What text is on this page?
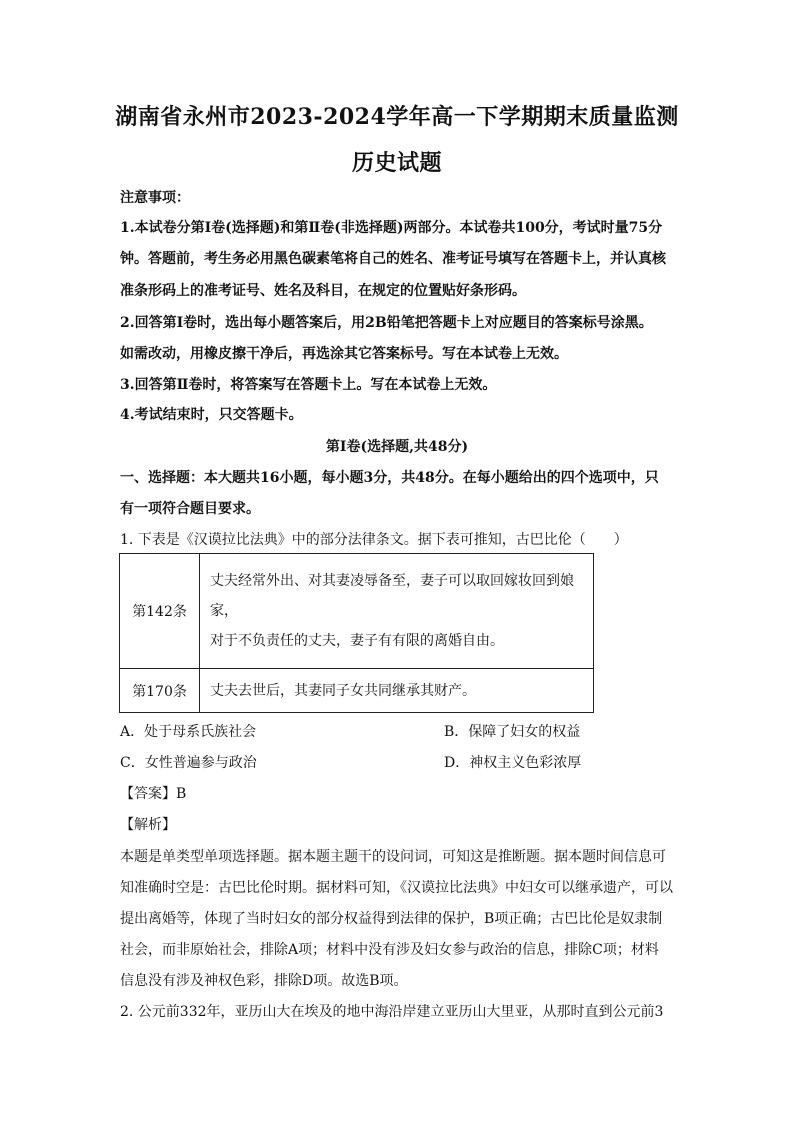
湖南省永州市2023-2024学年高一下学期期末质量监测
历史试题
注意事项：
1.本试卷分第Ⅰ卷(选择题)和第Ⅱ卷(非选择题)两部分。本试卷共100分，考试时量75分
钟。答题前，考生务必用黑色碳素笔将自己的姓名、准考证号填写在答题卡上，并认真核
准条形码上的准考证号、姓名及科目，在规定的位置贴好条形码。
2.回答第Ⅰ卷时，选出每小题答案后，用2B铅笔把答题卡上对应题目的答案标号涂黑。
如需改动，用橡皮擦干净后，再选涂其它答案标号。写在本试卷上无效。
3.回答第Ⅱ卷时，将答案写在答题卡上。写在本试卷上无效。
4.考试结束时，只交答题卡。
第Ⅰ卷(选择题,共48分)
一、选择题：本大题共16小题，每小题3分，共48分。在每小题给出的四个选项中，只
有一项符合题目要求。
1. 下表是《汉谟拉比法典》中的部分法律条文。据下表可推知，古巴比伦（　　）
第142条	丈夫经常外出、对其妻凌辱备至，妻子可以取回嫁妆回到娘
家，
对于不负责任的丈夫，妻子有有限的离婚自由。

第170条	丈夫去世后，其妻同子女共同继承其财产。
A．处于母系氏族社会	B．保障了妇女的权益
C．女性普遍参与政治	D．神权主义色彩浓厚
【答案】B
【解析】
本题是单类型单项选择题。据本题主题干的设问词，可知这是推断题。据本题时间信息可
知准确时空是：古巴比伦时期。据材料可知，《汉谟拉比法典》中妇女可以继承遗产，可以
提出离婚等，体现了当时妇女的部分权益得到法律的保护，B项正确；古巴比伦是奴隶制
社会，而非原始社会，排除A项；材料中没有涉及妇女参与政治的信息，排除C项；材料
信息没有涉及神权色彩，排除D项。故选B项。
2. 公元前332年，亚历山大在埃及的地中海沿岸建立亚历山大里亚，从那时直到公元前3
